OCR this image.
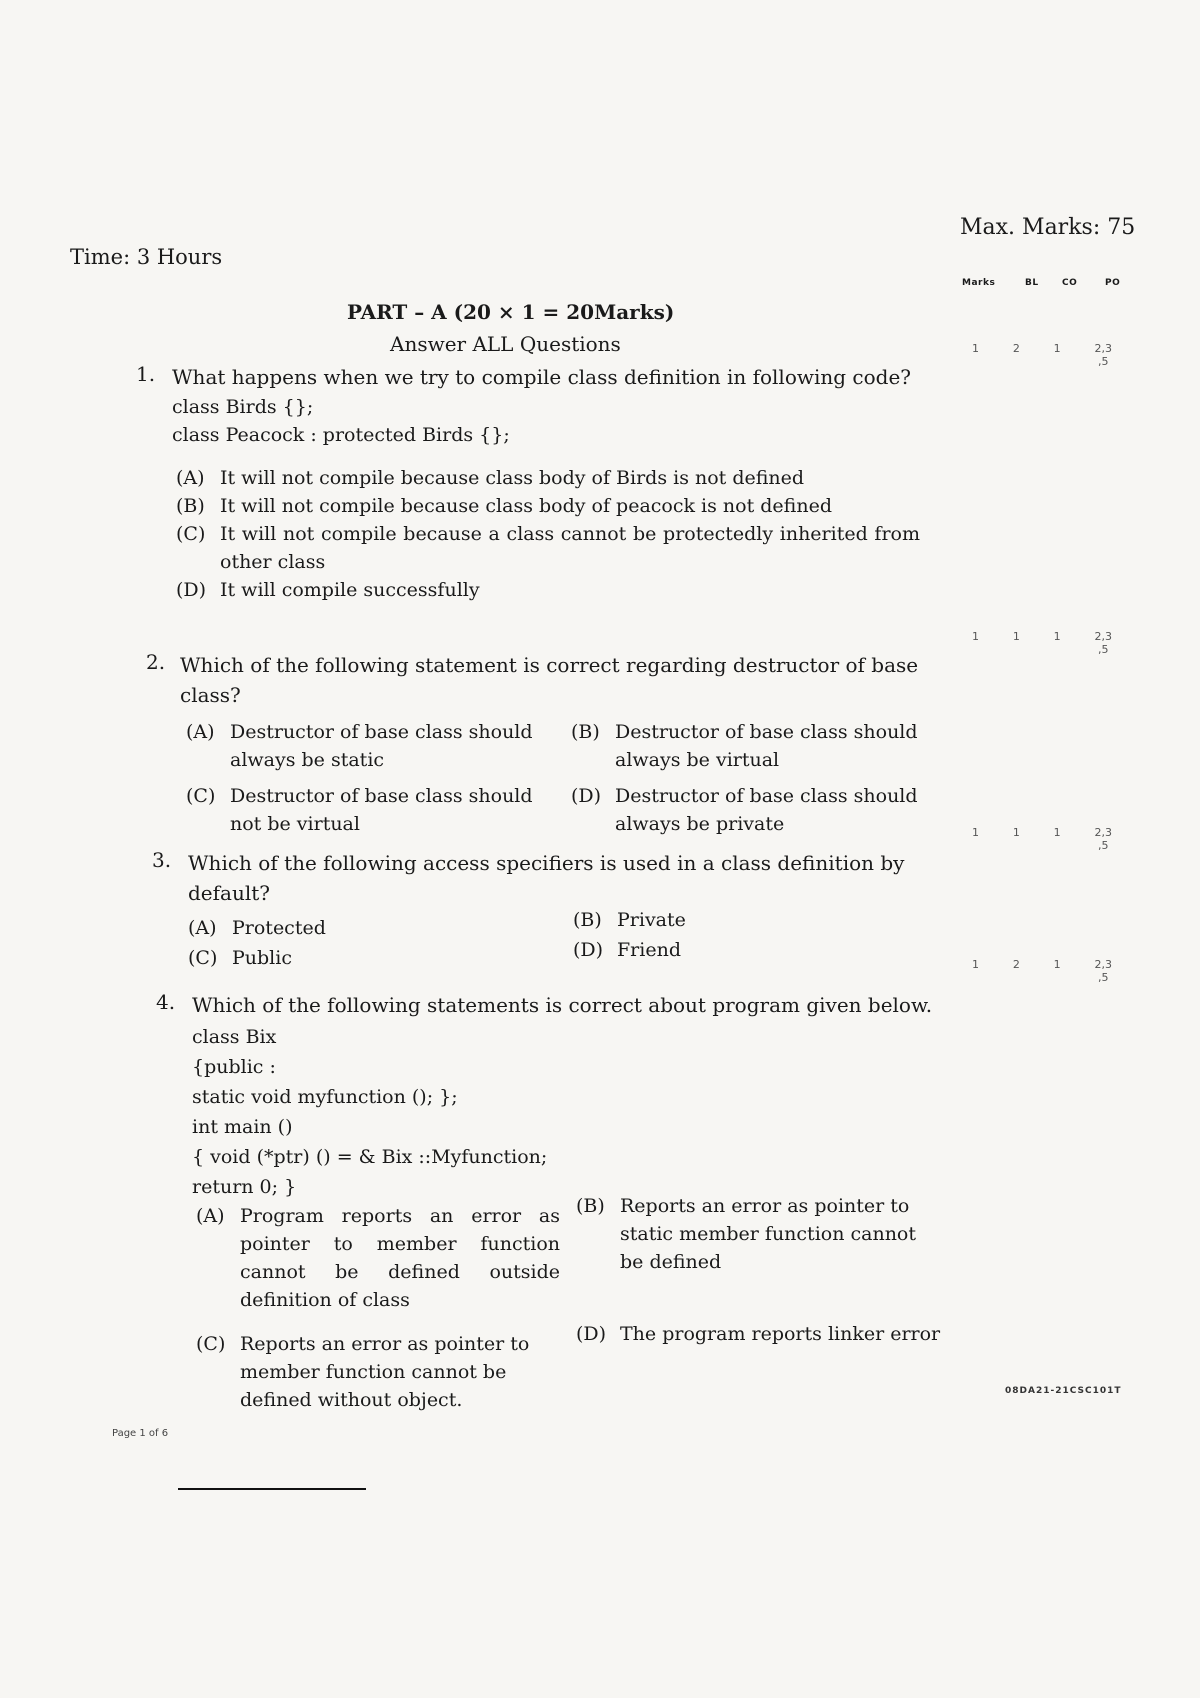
Max. Marks: 75
Time: 3 Hours
Marks	BL	CO	PO
PART – A (20 × 1 = 20Marks)
Answer ALL Questions
1. What happens when we try to compile class definition in following code?
class Birds {};
class Peacock : protected Birds {};
(A) It will not compile because class body of Birds is not defined
(B) It will not compile because class body of peacock is not defined
(C) It will not compile because a class cannot be protectedly inherited from other class
(D) It will compile successfully
1	2	1	2,3
,5
2. Which of the following statement is correct regarding destructor of base class?
(A) Destructor of base class should always be static
(B) Destructor of base class should always be virtual
(C) Destructor of base class should not be virtual
(D) Destructor of base class should always be private
1	1	1	2,3
,5
3. Which of the following access specifiers is used in a class definition by default?
(A) Protected	(B) Private
(C) Public	(D) Friend
1	1	1	2,3
,5
4. Which of the following statements is correct about program given below.
class Bix
{public :
static void myfunction (); };
int main ()
{ void (*ptr) () = & Bix ::Myfunction;
return 0; }
(A) Program reports an error as pointer to member function cannot be defined outside definition of class
(B) Reports an error as pointer to static member function cannot be defined
(C) Reports an error as pointer to member function cannot be defined without object.
(D) The program reports linker error
1	2	1	2,3
,5
08DA21-21CSC101T
Page 1 of 6
